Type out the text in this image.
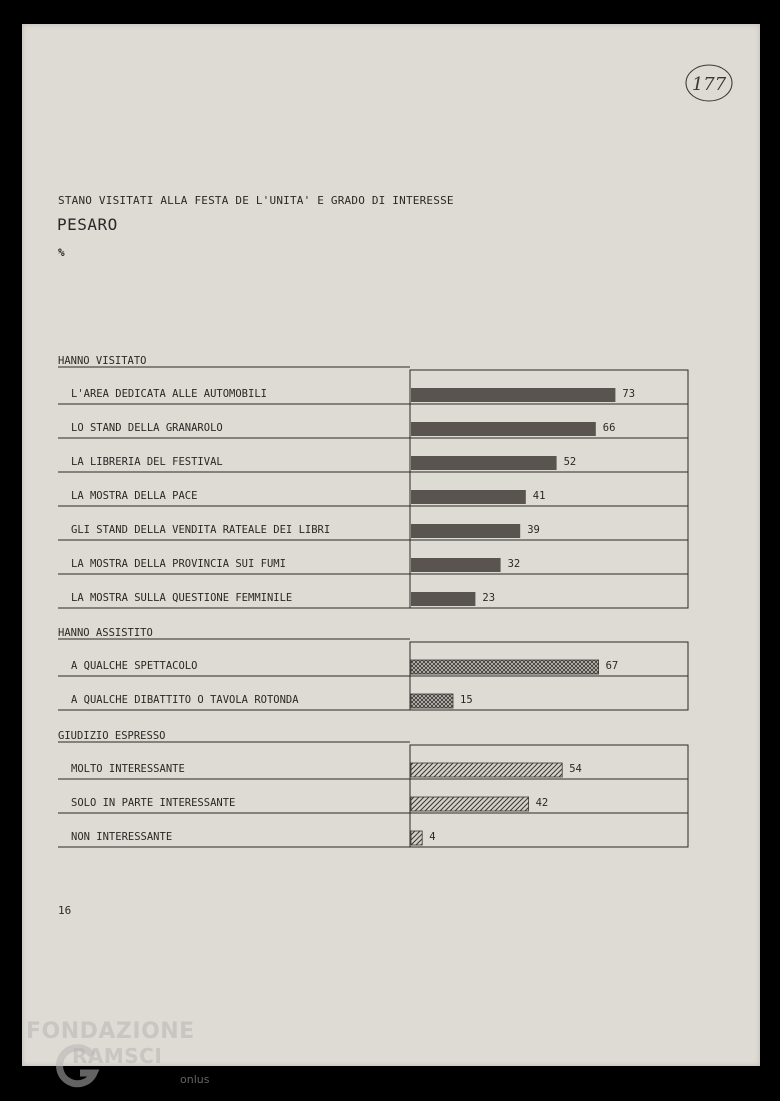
STANO VISITATI ALLA FESTA DE L'UNITA' E GRADO DI INTERESSE
PESARO
%
16
177
HANNO VISITATO
L'AREA DEDICATA ALLE AUTOMOBILI	73
LO STAND DELLA GRANAROLO	66
LA LIBRERIA DEL FESTIVAL	52
LA MOSTRA DELLA PACE	41
GLI STAND DELLA VENDITA RATEALE DEI LIBRI	39
LA MOSTRA DELLA PROVINCIA SUI FUMI	32
LA MOSTRA SULLA QUESTIONE FEMMINILE	23
HANNO ASSISTITO
A QUALCHE SPETTACOLO	67
A QUALCHE DIBATTITO O TAVOLA ROTONDA	15
GIUDIZIO ESPRESSO
MOLTO INTERESSANTE	54
SOLO IN PARTE INTERESSANTE	42
NON INTERESSANTE	4
FONDAZIONE
RAMSCI
onlus
